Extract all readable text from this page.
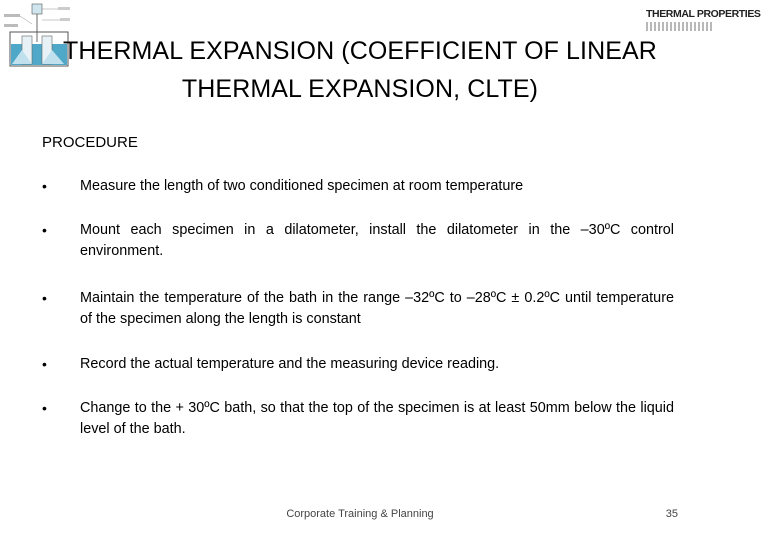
THERMAL PROPERTIES
THERMAL EXPANSION (COEFFICIENT OF LINEAR
THERMAL EXPANSION, CLTE)
PROCEDURE
• Measure the length of two conditioned specimen at room temperature
• Mount each specimen in a dilatometer, install the dilatometer in the –30ºC control environment.
• Maintain the temperature of the bath in the range –32ºC to –28ºC ± 0.2ºC until temperature of the specimen along the length is constant
• Record the actual temperature and the measuring device reading.
• Change to the + 30ºC bath, so that the top of the specimen is at least 50mm below the liquid level of the bath.
Corporate Training & Planning	35
